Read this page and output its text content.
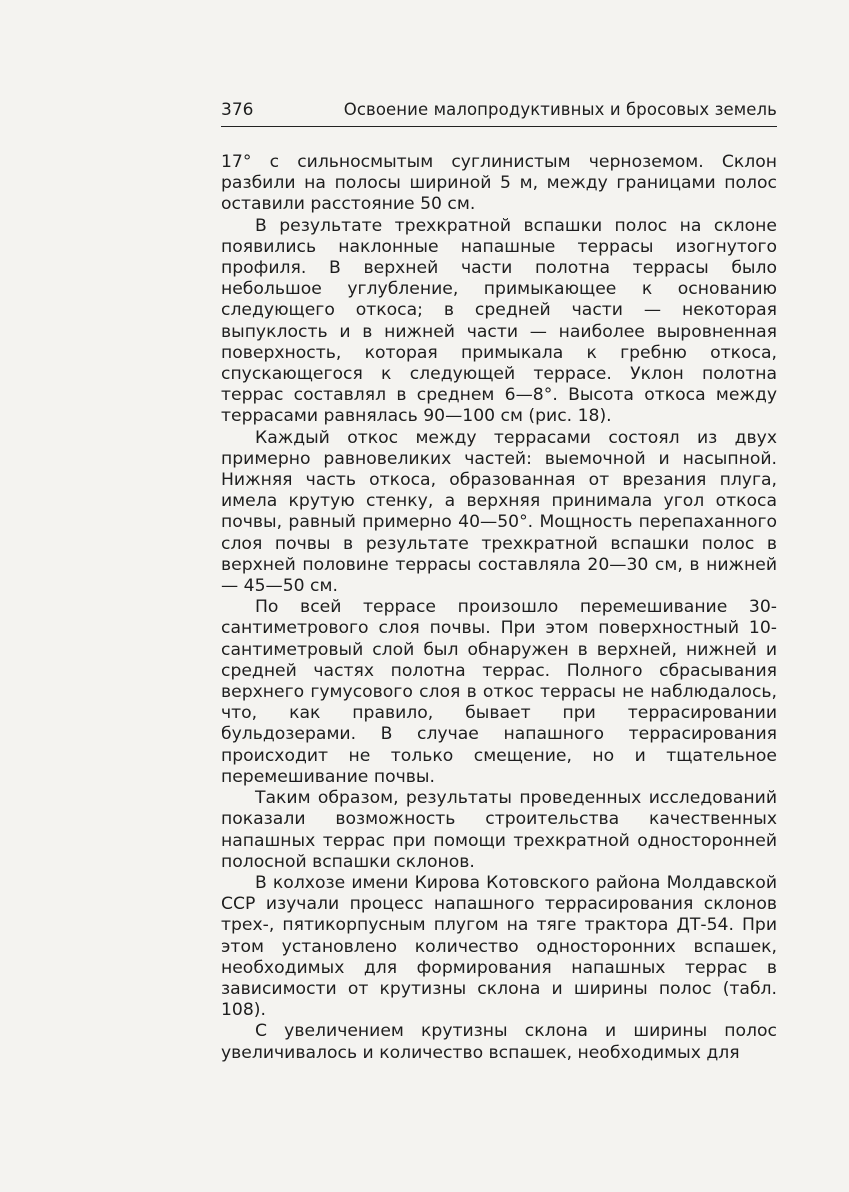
376	Освоение малопродуктивных и бросовых земель

17° с сильносмытым суглинистым черноземом. Склон разбили на полосы шириной 5 м, между границами полос оставили расстояние 50 см.

В результате трехкратной вспашки полос на склоне появились наклонные напашные террасы изогнутого профиля. В верхней части полотна террасы было небольшое углубление, примыкающее к основанию следующего откоса; в средней части — некоторая выпуклость и в нижней части — наиболее выровненная поверхность, которая примыкала к гребню откоса, спускающегося к следующей террасе. Уклон полотна террас составлял в среднем 6—8°. Высота откоса между террасами равнялась 90—100 см (рис. 18).

Каждый откос между террасами состоял из двух примерно равновеликих частей: выемочной и насыпной. Нижняя часть откоса, образованная от врезания плуга, имела крутую стенку, а верхняя принимала угол откоса почвы, равный примерно 40—50°. Мощность перепаханного слоя почвы в результате трехкратной вспашки полос в верхней половине террасы составляла 20—30 см, в нижней — 45—50 см.

По всей террасе произошло перемешивание 30-сантиметрового слоя почвы. При этом поверхностный 10-сантиметровый слой был обнаружен в верхней, нижней и средней частях полотна террас. Полного сбрасывания верхнего гумусового слоя в откос террасы не наблюдалось, что, как правило, бывает при террасировании бульдозерами. В случае напашного террасирования происходит не только смещение, но и тщательное перемешивание почвы.

Таким образом, результаты проведенных исследований показали возможность строительства качественных напашных террас при помощи трехкратной односторонней полосной вспашки склонов.

В колхозе имени Кирова Котовского района Молдавской ССР изучали процесс напашного террасирования склонов трех-, пятикорпусным плугом на тяге трактора ДТ-54. При этом установлено количество односторонних вспашек, необходимых для формирования напашных террас в зависимости от крутизны склона и ширины полос (табл. 108).

С увеличением крутизны склона и ширины полос увеличивалось и количество вспашек, необходимых для
